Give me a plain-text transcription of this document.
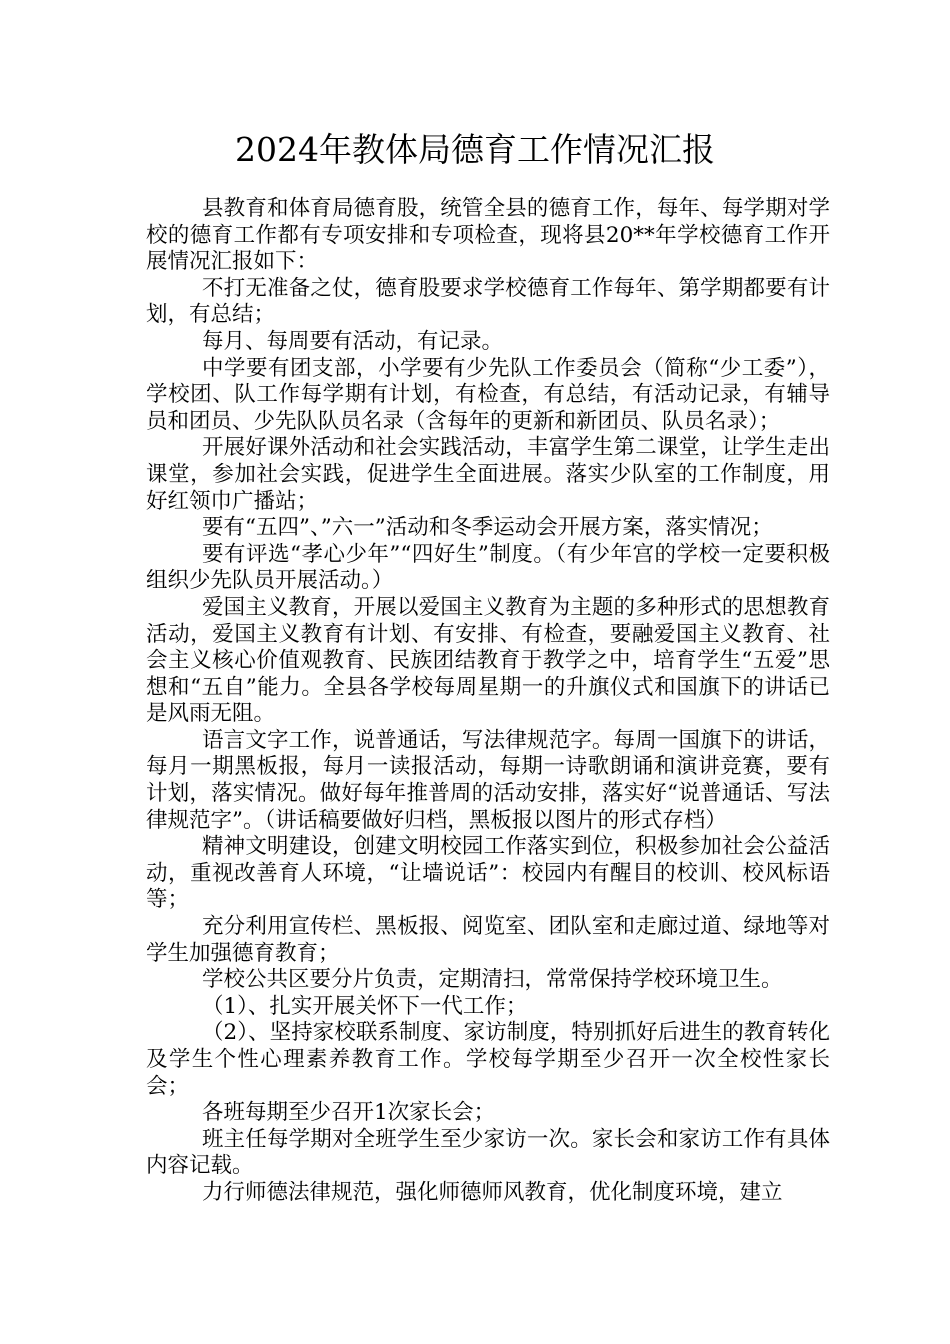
2024年教体局德育工作情况汇报

县教育和体育局德育股，统管全县的德育工作，每年、每学期对学校的德育工作都有专项安排和专项检查，现将县20**年学校德育工作开展情况汇报如下：

不打无准备之仗，德育股要求学校德育工作每年、第学期都要有计划，有总结；

每月、每周要有活动，有记录。

中学要有团支部，小学要有少先队工作委员会（简称“少工委”），学校团、队工作每学期有计划，有检查，有总结，有活动记录，有辅导员和团员、少先队队员名录（含每年的更新和新团员、队员名录）；

开展好课外活动和社会实践活动，丰富学生第二课堂，让学生走出课堂，参加社会实践，促进学生全面进展。落实少队室的工作制度，用好红领巾广播站；

要有“五四”、”六一”活动和冬季运动会开展方案，落实情况；

要有评选“孝心少年”“四好生”制度。（有少年宫的学校一定要积极组织少先队员开展活动。）

爱国主义教育，开展以爱国主义教育为主题的多种形式的思想教育活动，爱国主义教育有计划、有安排、有检查，要融爱国主义教育、社会主义核心价值观教育、民族团结教育于教学之中，培育学生“五爱”思想和“五自”能力。全县各学校每周星期一的升旗仪式和国旗下的讲话已是风雨无阻。

语言文字工作，说普通话，写法律规范字。每周一国旗下的讲话，每月一期黑板报，每月一读报活动，每期一诗歌朗诵和演讲竞赛，要有计划，落实情况。做好每年推普周的活动安排，落实好“说普通话、写法律规范字”。（讲话稿要做好归档，黑板报以图片的形式存档）

精神文明建设，创建文明校园工作落实到位，积极参加社会公益活动，重视改善育人环境，“让墙说话”：校园内有醒目的校训、校风标语等；

充分利用宣传栏、黑板报、阅览室、团队室和走廊过道、绿地等对学生加强德育教育；

学校公共区要分片负责，定期清扫，常常保持学校环境卫生。

（1）、扎实开展关怀下一代工作；

（2）、坚持家校联系制度、家访制度，特别抓好后进生的教育转化及学生个性心理素养教育工作。学校每学期至少召开一次全校性家长会；

各班每期至少召开1次家长会；

班主任每学期对全班学生至少家访一次。家长会和家访工作有具体内容记载。

力行师德法律规范，强化师德师风教育，优化制度环境，建立
